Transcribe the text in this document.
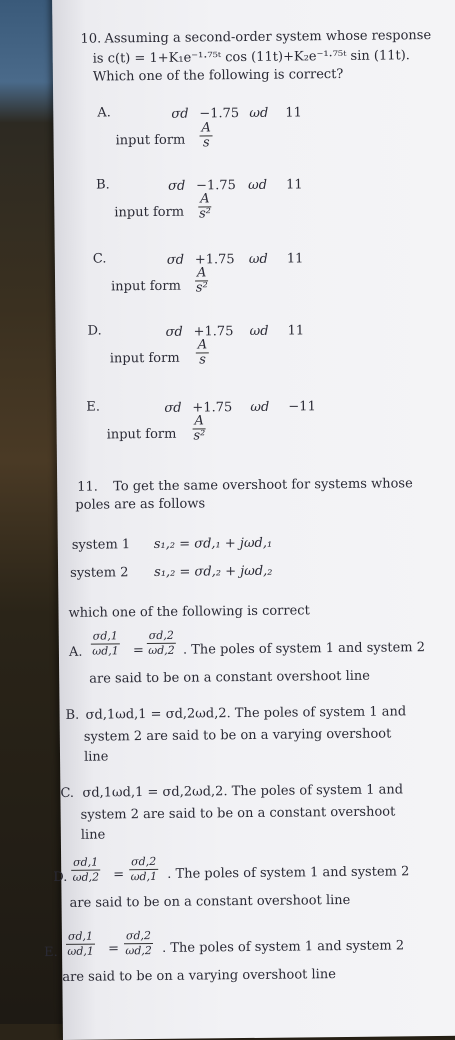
10. Assuming a second-order system whose response
is c(t) = 1+K₁e⁻¹·⁷⁵ᵗ cos (11t)+K₂e⁻¹·⁷⁵ᵗ sin (11t).
Which one of the following is correct?
A.	σd −1.75 ωd 11
input form $\frac{A}{s}$
B.	σd −1.75 ωd 11
input form $\frac{A}{\text{s²}}$
C.	σd +1.75 ωd 11
input form $\frac{A}{\text{s²}}$
D.	σd +1.75 ωd 11
input form $\frac{A}{s}$
E.	σd +1.75 ωd −11
input form $\frac{A}{\text{s²}}$
11. To get the same overshoot for systems whose
poles are as follows
system 1 s₁,₂ = σd,₁ + jωd,₁
system 2 s₁,₂ = σd,₂ + jωd,₂
which one of the following is correct
A. $\frac{\sigma d,1}{\omega d,1} = \frac{\sigma d,2}{\omega d,2}$ . The poles of system 1 and system 2
are said to be on a constant overshoot line
B. σd,1ωd,1 = σd,2ωd,2. The poles of system 1 and
system 2 are said to be on a varying overshoot
line
C. σd,1ωd,1 = σd,2ωd,2. The poles of system 1 and
system 2 are said to be on a constant overshoot
line
D. $\frac{\sigma d,1}{\omega d,2} = \frac{\sigma d,2}{\omega d,1}$ . The poles of system 1 and system 2
are said to be on a constant overshoot line
E. $\frac{\sigma d,1}{\omega d,1} = \frac{\sigma d,2}{\omega d,2}$ . The poles of system 1 and system 2
are said to be on a varying overshoot line
